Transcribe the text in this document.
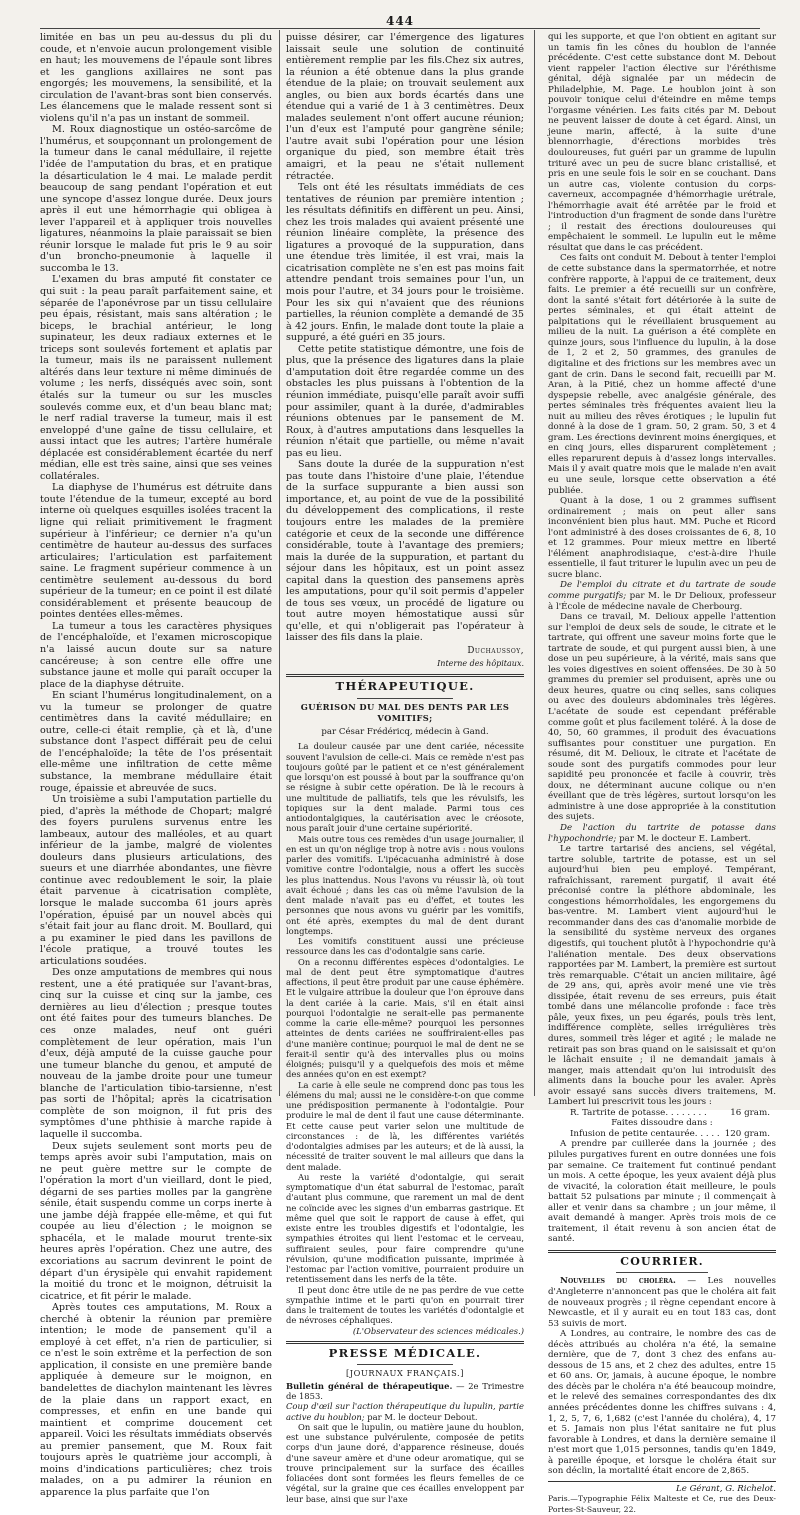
444

limitée en bas un peu au-dessus du pli du coude, et n'envoie aucun prolongement visible en haut; les mouvemens de l'épaule sont libres et les ganglions axillaires ne sont pas engorgés; les mouvemens, la sensibilité, et la circulation de l'avant-bras sont bien conservés. Les élancemens que le malade ressent sont si violens qu'il n'a pas un instant de sommeil.

M. Roux diagnostique un ostéo-sarcôme de l'humérus, et soupçonnant un prolongement de la tumeur dans le canal médullaire, il rejette l'idée de l'amputation du bras, et en pratique la désarticulation le 4 mai. Le malade perdit beaucoup de sang pendant l'opération et eut une syncope d'assez longue durée. Deux jours après il eut une hémorrhagie qui obligea à lever l'appareil et à appliquer trois nouvelles ligatures, néanmoins la plaie paraissait se bien réunir lorsque le malade fut pris le 9 au soir d'un broncho-pneumonie à laquelle il succomba le 13.

L'examen du bras amputé fit constater ce qui suit : la peau paraît parfaitement saine, et séparée de l'aponévrose par un tissu cellulaire peu épais, résistant, mais sans altération ; le biceps, le brachial antérieur, le long supinateur, les deux radiaux externes et le triceps sont soulevés fortement et aplatis par la tumeur, mais ils ne paraissent nullement altérés dans leur texture ni même diminués de volume ; les nerfs, disséqués avec soin, sont étalés sur la tumeur ou sur les muscles soulevés comme eux, et d'un beau blanc mat; le nerf radial traverse la tumeur, mais il est enveloppé d'une gaîne de tissu cellulaire, et aussi intact que les autres; l'artère humérale déplacée est considérablement écartée du nerf médian, elle est très saine, ainsi que ses veines collatérales.

La diaphyse de l'humérus est détruite dans toute l'étendue de la tumeur, excepté au bord interne où quelques esquilles isolées tracent la ligne qui reliait primitivement le fragment supérieur à l'inférieur; ce dernier n'a qu'un centimètre de hauteur au-dessus des surfaces articulaires; l'articulation est parfaitement saine. Le fragment supérieur commence à un centimètre seulement au-dessous du bord supérieur de la tumeur; en ce point il est dilaté considérablement et présente beaucoup de pointes dentées elles-mêmes.

La tumeur a tous les caractères physiques de l'encéphaloïde, et l'examen microscopique n'a laissé aucun doute sur sa nature cancéreuse; à son centre elle offre une substance jaune et molle qui paraît occuper la place de la diaphyse détruite.

En sciant l'humérus longitudinalement, on a vu la tumeur se prolonger de quatre centimètres dans la cavité médullaire; en outre, celle-ci était remplie, çà et là, d'une substance dont l'aspect différait peu de celui de l'encéphaloïde; la tête de l'os présentait elle-même une infiltration de cette même substance, la membrane médullaire était rouge, épaissie et abreuvée de sucs.

Un troisième a subi l'amputation partielle du pied, d'après la méthode de Chopart; malgré des foyers purulens survenus entre les lambeaux, autour des malléoles, et au quart inférieur de la jambe, malgré de violentes douleurs dans plusieurs articulations, des sueurs et une diarrhée abondantes, une fièvre continue avec redoublement le soir, la plaie était parvenue à cicatrisation complète, lorsque le malade succomba 61 jours après l'opération, épuisé par un nouvel abcès qui s'était fait jour au flanc droit. M. Boullard, qui a pu examiner le pied dans les pavillons de l'école pratique, a trouvé toutes les articulations soudées.

Des onze amputations de membres qui nous restent, une a été pratiquée sur l'avant-bras, cinq sur la cuisse et cinq sur la jambe, ces dernières au lieu d'élection ; presque toutes ont été faites pour des tumeurs blanches. De ces onze malades, neuf ont guéri complètement de leur opération, mais l'un d'eux, déjà amputé de la cuisse gauche pour une tumeur blanche du genou, et amputé de nouveau de la jambe droite pour une tumeur blanche de l'articulation tibio-tarsienne, n'est pas sorti de l'hôpital; après la cicatrisation complète de son moignon, il fut pris des symptômes d'une phthisie à marche rapide à laquelle il succomba.

Deux sujets seulement sont morts peu de temps après avoir subi l'amputation, mais on ne peut guère mettre sur le compte de l'opération la mort d'un vieillard, dont le pied, dégarni de ses parties molles par la gangrène sénile, était suspendu comme un corps inerte à une jambe déjà frappée elle-même, et qui fut coupée au lieu d'élection ; le moignon se sphacéla, et le malade mourut trente-six heures après l'opération. Chez une autre, des excoriations au sacrum devinrent le point de départ d'un érysipèle qui envahit rapidement la moitié du tronc et le moignon, détruisit la cicatrice, et fit périr le malade.

Après toutes ces amputations, M. Roux a cherché à obtenir la réunion par première intention; le mode de pansement qu'il a employé à cet effet, n'a rien de particulier, si ce n'est le soin extrême et la perfection de son application, il consiste en une première bande appliquée à demeure sur le moignon, en bandelettes de diachylon maintenant les lèvres de la plaie dans un rapport exact, en compresses, et enfin en une bande qui maintient et comprime doucement cet appareil. Voici les résultats immédiats observés au premier pansement, que M. Roux fait toujours après le quatrième jour accompli, à moins d'indications particulières; chez trois malades, on a pu admirer la réunion en apparence la plus parfaite que l'on

puisse désirer, car l'émergence des ligatures laissait seule une solution de continuité entièrement remplie par les fils.Chez six autres, la réunion a été obtenue dans la plus grande étendue de la plaie; on trouvait seulement aux angles, ou bien aux bords écartés dans une étendue qui a varié de 1 à 3 centimètres. Deux malades seulement n'ont offert aucune réunion; l'un d'eux est l'amputé pour gangrène sénile; l'autre avait subi l'opération pour une lésion organique du pied, son membre était très amaigri, et la peau ne s'était nullement rétractée.

Tels ont été les résultats immédiats de ces tentatives de réunion par première intention ; les résultats définitifs en diffèrent un peu. Ainsi, chez les trois malades qui avaient présenté une réunion linéaire complète, la présence des ligatures a provoqué de la suppuration, dans une étendue très limitée, il est vrai, mais la cicatrisation complète ne s'en est pas moins fait attendre pendant trois semaines pour l'un, un mois pour l'autre, et 34 jours pour le troisième. Pour les six qui n'avaient que des réunions partielles, la réunion complète a demandé de 35 à 42 jours. Enfin, le malade dont toute la plaie a suppuré, a été guéri en 35 jours.

Cette petite statistique démontre, une fois de plus, que la présence des ligatures dans la plaie d'amputation doit être regardée comme un des obstacles les plus puissans à l'obtention de la réunion immédiate, puisqu'elle paraît avoir suffi pour assimiler, quant à la durée, d'admirables réunions obtenues par le pansement de M. Roux, à d'autres amputations dans lesquelles la réunion n'était que partielle, ou même n'avait pas eu lieu.

Sans doute la durée de la suppuration n'est pas toute dans l'histoire d'une plaie, l'étendue de la surface suppurante a bien aussi son importance, et, au point de vue de la possibilité du développement des complications, il reste toujours entre les malades de la première catégorie et ceux de la seconde une différence considérable, toute à l'avantage des premiers; mais la durée de la suppuration, et partant du séjour dans les hôpitaux, est un point assez capital dans la question des pansemens après les amputations, pour qu'il soit permis d'appeler de tous ses vœux, un procédé de ligature ou tout autre moyen hémostatique aussi sûr qu'elle, et qui n'obligerait pas l'opérateur à laisser des fils dans la plaie.

Duchaussoy,
Interne des hôpitaux.
THÉRAPEUTIQUE.
GUÉRISON DU MAL DES DENTS PAR LES VOMITIFS;
par César Frédéricq, médecin à Gand.

La douleur causée par une dent cariée, nécessite souvent l'avulsion de celle-ci. Mais ce remède n'est pas toujours goûté par le patient et ce n'est généralement que lorsqu'on est poussé à bout par la souffrance qu'on se résigne à subir cette opération. De là le recours à une multitude de palliatifs, tels que les révulsifs, les topiques sur la dent malade. Parmi tous ces antiodontalgiques, la cautérisation avec le créosote, nous paraît jouir d'une certaine supériorité.

Mais outre tous ces remèdes d'un usage journalier, il en est un qu'on néglige trop à notre avis : nous voulons parler des vomitifs. L'ipécacuanha administré à dose vomitive contre l'odontalgie, nous a offert les succès les plus inattendus. Nous l'avons vu réussir là, où tout avait échoué ; dans les cas où même l'avulsion de la dent malade n'avait pas eu d'effet, et toutes les personnes que nous avons vu guérir par les vomitifs, ont été après, exemptes du mal de dent durant longtemps.

Les vomitifs constituent aussi une précieuse ressource dans les cas d'odontalgie sans carie.

On a reconnu différentes espèces d'odontalgies. Le mal de dent peut être symptomatique d'autres affections, il peut être produit par une cause éphémère. Et le vulgaire attribue la douleur que l'on éprouve dans la dent cariée à la carie. Mais, s'il en était ainsi pourquoi l'odontalgie ne serait-elle pas permanente comme la carie elle-même? pourquoi les personnes atteintes de dents cariées ne souffriraient-elles pas d'une manière continue; pourquoi le mal de dent ne se ferait-il sentir qu'à des intervalles plus ou moins éloignés; puisqu'il y a quelquefois des mois et même des années qu'on en est exempt?

La carie à elle seule ne comprend donc pas tous les élémens du mal; aussi ne le considère-t-on que comme une prédisposition permanente à l'odontalgie. Pour produire le mal de dent il faut une cause déterminante. Et cette cause peut varier selon une multitude de circonstances : de là, les différentes variétés d'odontalgies admises par les auteurs; et de là aussi, la nécessité de traiter souvent le mal ailleurs que dans la dent malade.

Au reste la variété d'odontalgie, qui serait symptomatique d'un état saburral de l'estomac, paraît d'autant plus commune, que rarement un mal de dent ne coïncide avec les signes d'un embarras gastrique. Et même quel que soit le rapport de cause à effet, qui existe entre les troubles digestifs et l'odontalgie, les sympathies étroites qui lient l'estomac et le cerveau, suffiraient seules, pour faire comprendre qu'une révulsion, qu'une modification puissante, imprimée à l'estomac par l'action vomitive, pourraient produire un retentissement dans les nerfs de la tête.

Il peut donc être utile de ne pas perdre de vue cette sympathie intime et le parti qu'on en pourrait tirer dans le traitement de toutes les variétés d'odontalgie et de névroses céphaliques.

(L'Observateur des sciences médicales.)
PRESSE MÉDICALE.
[JOURNAUX FRANÇAIS.]

Bulletin général de thérapeutique. — 2e Trimestre de 1853.

Coup d'œil sur l'action thérapeutique du lupulin, partie active du houblon; par M. le docteur Debout.

On sait que le lupulin, ou matière jaune du houblon, est une substance pulvérulente, composée de petits corps d'un jaune doré, d'apparence résineuse, doués d'une saveur amère et d'une odeur aromatique, qui se trouve principalement sur la surface des écailles foliacées dont sont formées les fleurs femelles de ce végétal, sur la graine que ces écailles enveloppent par leur base, ainsi que sur l'axe

qui les supporte, et que l'on obtient en agitant sur un tamis fin les cônes du houblon de l'année précédente. C'est cette substance dont M. Debout vient rappeler l'action élective sur l'éréthisme génital, déjà signalée par un médecin de Philadelphie, M. Page. Le houblon joint à son pouvoir tonique celui d'éteindre en même temps l'orgasme vénérien. Les faits cités par M. Debout ne peuvent laisser de doute à cet égard. Ainsi, un jeune marin, affecté, à la suite d'une blennorrhagie, d'érections morbides très douloureuses, fut guéri par un gramme de lupulin trituré avec un peu de sucre blanc cristallisé, et pris en une seule fois le soir en se couchant. Dans un autre cas, violente contusion du corps-caverneux, accompagnée d'hémorrhagie urétrale, l'hémorrhagie avait été arrêtée par le froid et l'introduction d'un fragment de sonde dans l'urètre ; il restait des érections douloureuses qui empêchaient le sommeil. Le lupulin eut le même résultat que dans le cas précédent.

Ces faits ont conduit M. Debout à tenter l'emploi de cette substance dans la spermatorrhée, et notre confrère rapporte, à l'appui de ce traitement, deux faits. Le premier a été recueilli sur un confrère, dont la santé s'était fort détériorée à la suite de pertes séminales, et qui était atteint de palpitations qui le réveillaient brusquement au milieu de la nuit. La guérison a été complète en quinze jours, sous l'influence du lupulin, à la dose de 1, 2 et 2, 50 grammes, des granules de digitaline et des frictions sur les membres avec un gant de crin. Dans le second fait, recueilli par M. Aran, à la Pitié, chez un homme affecté d'une dyspepsie rebelle, avec analgésie générale, des pertes séminales très fréquentes avaient lieu la nuit au milieu des rêves érotiques ; le lupulin fut donné à la dose de 1 gram. 50, 2 gram. 50, 3 et 4 gram. Les érections devinrent moins énergiques, et en cinq jours, elles disparurent complètement ; elles reparurent depuis à d'assez longs intervalles. Mais il y avait quatre mois que le malade n'en avait eu une seule, lorsque cette observation a été publiée.

Quant à la dose, 1 ou 2 grammes suffisent ordinairement ; mais on peut aller sans inconvénient bien plus haut. MM. Puche et Ricord l'ont administré à des doses croissantes de 6, 8, 10 et 12 grammes. Pour mieux mettre en liberté l'élément anaphrodisiaque, c'est-à-dire l'huile essentielle, il faut triturer le lupulin avec un peu de sucre blanc.

De l'emploi du citrate et du tartrate de soude comme purgatifs; par M. le Dr Delioux, professeur à l'École de médecine navale de Cherbourg.

Dans ce travail, M. Delioux appelle l'attention sur l'emploi de deux sels de soude, le citrate et le tartrate, qui offrent une saveur moins forte que le tartrate de soude, et qui purgent aussi bien, à une dose un peu supérieure, à la vérité, mais sans que les voies digestives en soient offensées. De 30 à 50 grammes du premier sel produisent, après une ou deux heures, quatre ou cinq selles, sans coliques ou avec des douleurs abdominales très légères. L'acétate de soude est cependant préférable comme goût et plus facilement toléré. À la dose de 40, 50, 60 grammes, il produit des évacuations suffisantes pour constituer une purgation. En résumé, dit M. Delioux, le citrate et l'acétate de soude sont des purgatifs commodes pour leur sapidité peu prononcée et facile à couvrir, très doux, ne déterminant aucune colique ou n'en éveillant que de très légères, surtout lorsqu'on les administre à une dose appropriée à la constitution des sujets.

De l'action du tartrite de potasse dans l'hypochondrie; par M. le docteur E. Lambert.

Le tartre tartarisé des anciens, sel végétal, tartre soluble, tartrite de potasse, est un sel aujourd'hui bien peu employé. Tempérant, rafraîchissant, rarement purgatif, il avait été préconisé contre la pléthore abdominale, les congestions hémorrhoïdales, les engorgemens du bas-ventre. M. Lambert vient aujourd'hui le recommander dans des cas d'anomalie morbide de la sensibilité du système nerveux des organes digestifs, qui touchent plutôt à l'hypochondrie qu'à l'aliénation mentale. Des deux observations rapportées par M. Lambert, la première est surtout très remarquable. C'était un ancien militaire, âgé de 29 ans, qui, après avoir mené une vie très dissipée, était revenu de ses erreurs, puis était tombé dans une mélancolie profonde : face très pâle, yeux fixes, un peu égarés, pouls très lent, indifférence complète, selles irrégulières très dures, sommeil très léger et agité ; le malade ne retirait pas son bras quand on le saisissait et qu'on le lâchait ensuite ; il ne demandait jamais à manger, mais attendait qu'on lui introduisît des aliments dans la bouche pour les avaler. Après avoir essayé sans succès divers traitemens, M. Lambert lui prescrivit tous les jours :

R. Tartrite de potasse. . . . . . . .	16 gram.
Faites dissoudre dans :
Infusion de petite centaurée. . . . . 120 gram.

A prendre par cuillerée dans la journée ; des pilules purgatives furent en outre données une fois par semaine. Ce traitement fut continué pendant un mois. A cette époque, les yeux avaient déjà plus de vivacité, la coloration était meilleure, le pouls battait 52 pulsations par minute ; il commençait à aller et venir dans sa chambre ; un jour même, il avait demandé à manger. Après trois mois de ce traitement, il était revenu à son ancien état de santé.

COURRIER.

Nouvelles du choléra. — Les nouvelles d'Angleterre n'annoncent pas que le choléra ait fait de nouveaux progrès ; il règne cependant encore à Newcastle, et il y aurait eu en tout 183 cas, dont 53 suivis de mort.

A Londres, au contraire, le nombre des cas de décès attribués au choléra n'a été, la semaine dernière, que de 7, dont 3 chez des enfans au-dessous de 15 ans, et 2 chez des adultes, entre 15 et 60 ans. Or, jamais, à aucune époque, le nombre des décès par le choléra n'a été beaucoup moindre, et le relevé des semaines correspondantes des dix années précédentes donne les chiffres suivans : 4, 1, 2, 5, 7, 6, 1,682 (c'est l'année du choléra), 4, 17 et 5. Jamais non plus l'état sanitaire ne fut plus favorable à Londres, et dans la dernière semaine il n'est mort que 1,015 personnes, tandis qu'en 1849, à pareille époque, et lorsque le choléra était sur son déclin, la mortalité était encore de 2,865.

Le Gérant, G. Richelot.
Paris.—Typographie Félix Malteste et Ce, rue des Deux-Portes-St-Sauveur, 22.
